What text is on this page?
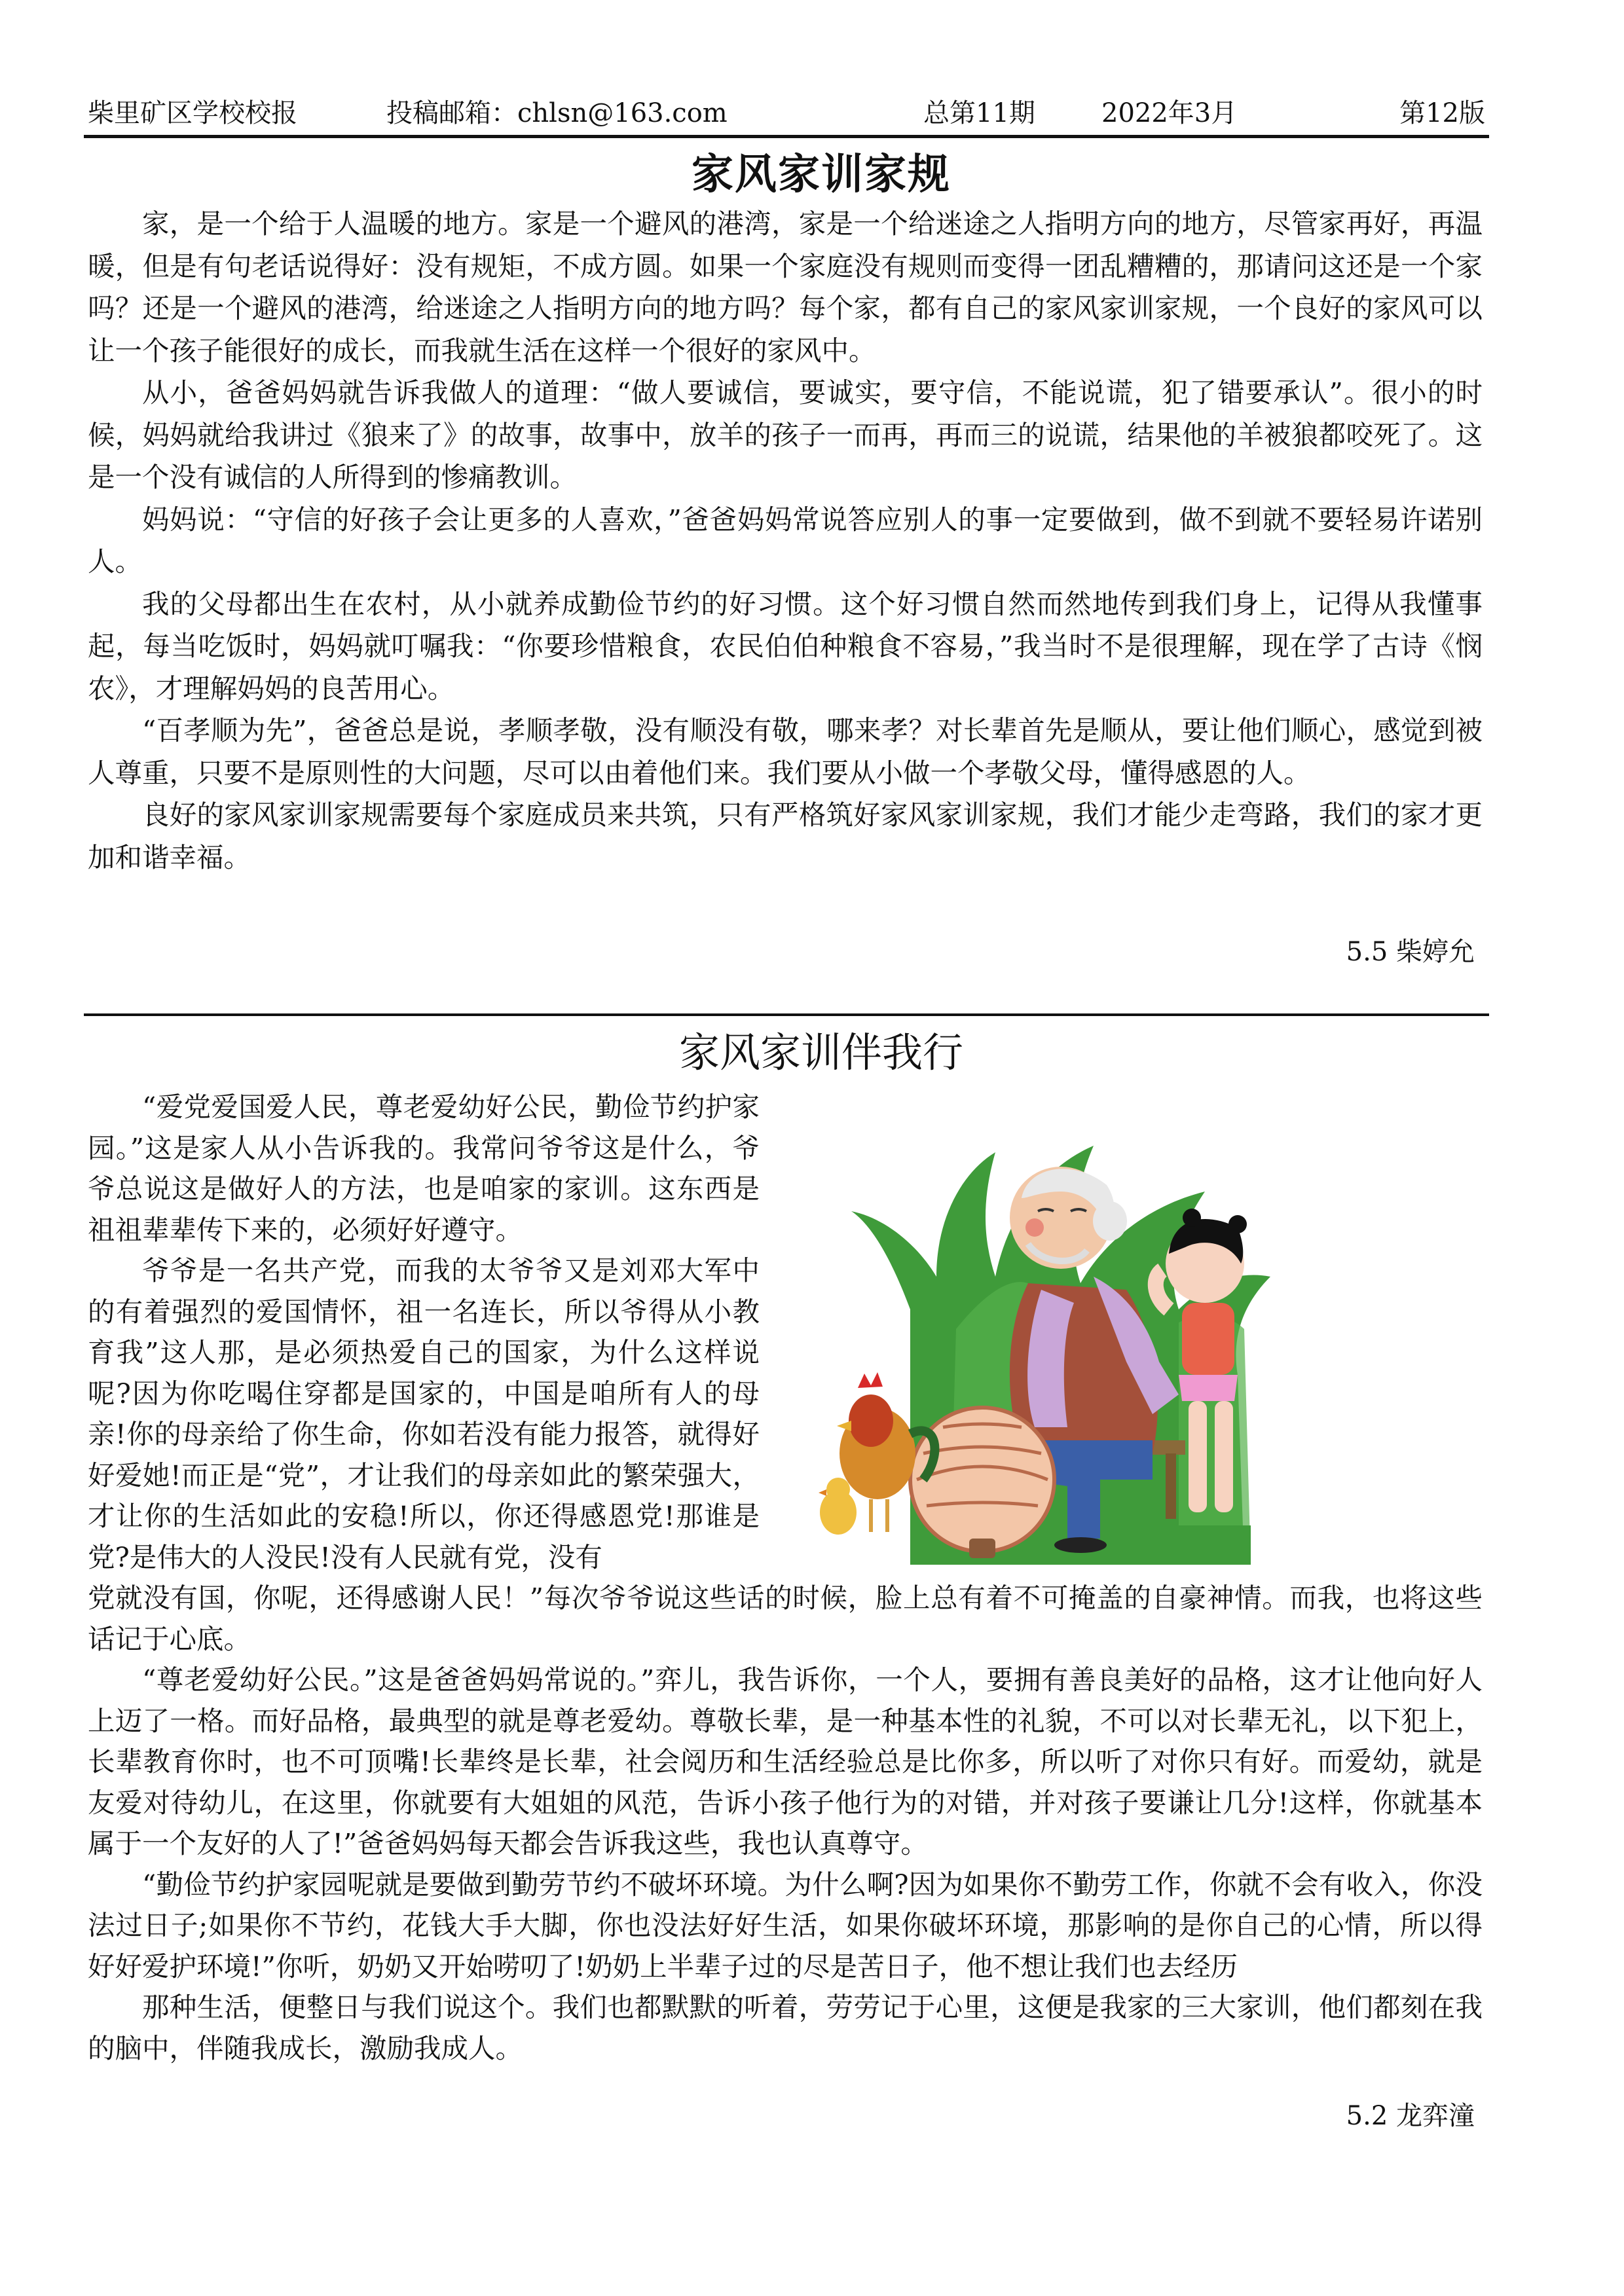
柴里矿区学校校报	投稿邮箱：chlsn@163.com	总第11期	2022年3月	第12版
家风家训家规

家，是一个给于人温暖的地方。家是一个避风的港湾，家是一个给迷途之人指明方向的地方，尽管家再好，再温暖，但是有句老话说得好：没有规矩，不成方圆。如果一个家庭没有规则而变得一团乱糟糟的，那请问这还是一个家吗？还是一个避风的港湾，给迷途之人指明方向的地方吗？每个家，都有自己的家风家训家规，一个良好的家风可以让一个孩子能很好的成长，而我就生活在这样一个很好的家风中。

从小，爸爸妈妈就告诉我做人的道理：“做人要诚信，要诚实，要守信，不能说谎，犯了错要承认”。很小的时候，妈妈就给我讲过《狼来了》的故事，故事中，放羊的孩子一而再，再而三的说谎，结果他的羊被狼都咬死了。这是一个没有诚信的人所得到的惨痛教训。

妈妈说：“守信的好孩子会让更多的人喜欢，”爸爸妈妈常说答应别人的事一定要做到，做不到就不要轻易许诺别人。

我的父母都出生在农村，从小就养成勤俭节约的好习惯。这个好习惯自然而然地传到我们身上，记得从我懂事起，每当吃饭时，妈妈就叮嘱我：“你要珍惜粮食，农民伯伯种粮食不容易，”我当时不是很理解，现在学了古诗《悯农》，才理解妈妈的良苦用心。

“百孝顺为先”，爸爸总是说，孝顺孝敬，没有顺没有敬，哪来孝？对长辈首先是顺从，要让他们顺心，感觉到被人尊重，只要不是原则性的大问题，尽可以由着他们来。我们要从小做一个孝敬父母，懂得感恩的人。

良好的家风家训家规需要每个家庭成员来共筑，只有严格筑好家风家训家规，我们才能少走弯路，我们的家才更加和谐幸福。

5.5 柴婷允
家风家训伴我行

“爱党爱国爱人民，尊老爱幼好公民，勤俭节约护家园。”这是家人从小告诉我的。我常问爷爷这是什么，爷爷总说这是做好人的方法，也是咱家的家训。这东西是祖祖辈辈传下来的，必须好好遵守。

爷爷是一名共产党，而我的太爷爷又是刘邓大军中的有着强烈的爱国情怀，祖一名连长，所以爷得从小教育我”这人那，是必须热爱自己的国家，为什么这样说呢?因为你吃喝住穿都是国家的，中国是咱所有人的母亲!你的母亲给了你生命，你如若没有能力报答，就得好好爱她!而正是“党”，才让我们的母亲如此的繁荣强大，才让你的生活如此的安稳!所以，你还得感恩党!那谁是党?是伟大的人没民!没有人民就有党，没有

党就没有国，你呢，还得感谢人民！”每次爷爷说这些话的时候，脸上总有着不可掩盖的自豪神情。而我，也将这些话记于心底。

“尊老爱幼好公民。”这是爸爸妈妈常说的。”弈儿，我告诉你，一个人，要拥有善良美好的品格，这才让他向好人上迈了一格。而好品格，最典型的就是尊老爱幼。尊敬长辈，是一种基本性的礼貌，不可以对长辈无礼，以下犯上，长辈教育你时，也不可顶嘴!长辈终是长辈，社会阅历和生活经验总是比你多，所以听了对你只有好。而爱幼，就是友爱对待幼儿，在这里，你就要有大姐姐的风范，告诉小孩子他行为的对错，并对孩子要谦让几分!这样，你就基本属于一个友好的人了!”爸爸妈妈每天都会告诉我这些，我也认真尊守。

“勤俭节约护家园呢就是要做到勤劳节约不破坏环境。为什么啊?因为如果你不勤劳工作，你就不会有收入，你没法过日子;如果你不节约，花钱大手大脚，你也没法好好生活，如果你破坏环境，那影响的是你自己的心情，所以得好好爱护环境!”你听，奶奶又开始唠叨了!奶奶上半辈子过的尽是苦日子，他不想让我们也去经历

那种生活，便整日与我们说这个。我们也都默默的听着，劳劳记于心里，这便是我家的三大家训，他们都刻在我的脑中，伴随我成长，激励我成人。

5.2 龙弈潼
